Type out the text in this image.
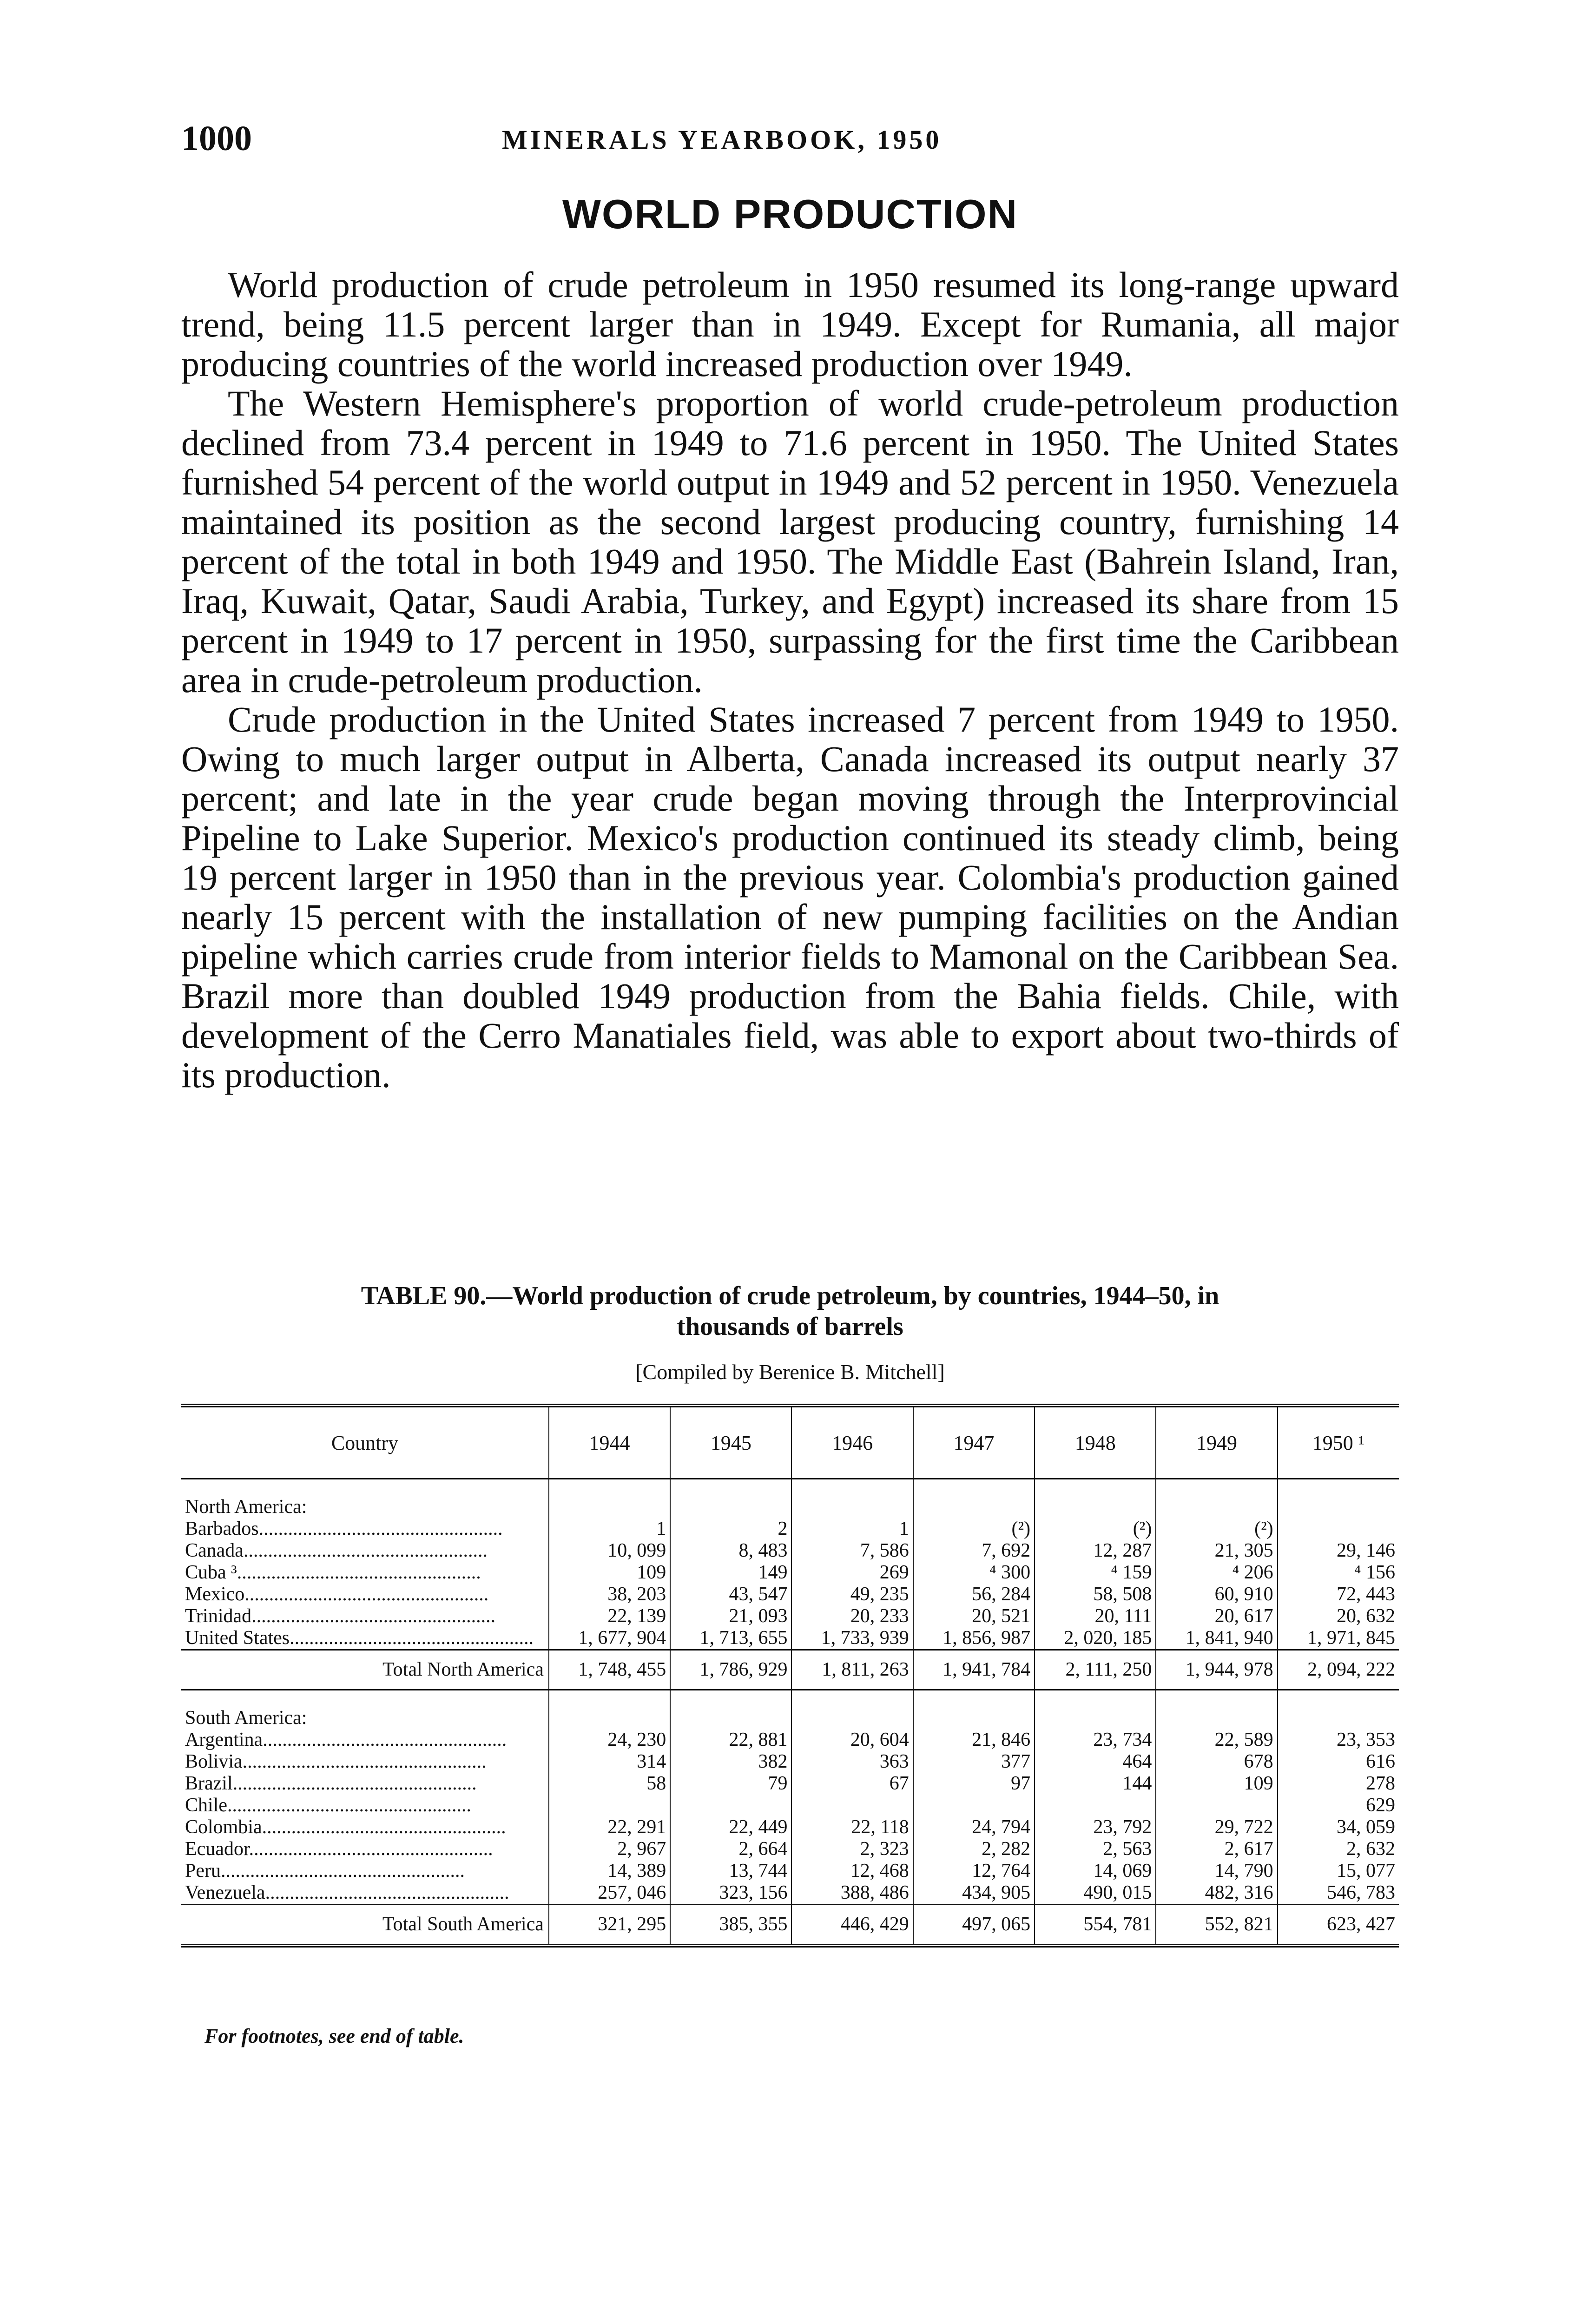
1000	MINERALS YEARBOOK, 1950
WORLD PRODUCTION

World production of crude petroleum in 1950 resumed its long-range upward trend, being 11.5 percent larger than in 1949. Except for Rumania, all major producing countries of the world increased production over 1949.

The Western Hemisphere's proportion of world crude-petroleum production declined from 73.4 percent in 1949 to 71.6 percent in 1950. The United States furnished 54 percent of the world output in 1949 and 52 percent in 1950. Venezuela maintained its position as the second largest producing country, furnishing 14 percent of the total in both 1949 and 1950. The Middle East (Bahrein Island, Iran, Iraq, Kuwait, Qatar, Saudi Arabia, Turkey, and Egypt) increased its share from 15 percent in 1949 to 17 percent in 1950, surpassing for the first time the Caribbean area in crude-petroleum production.

Crude production in the United States increased 7 percent from 1949 to 1950. Owing to much larger output in Alberta, Canada increased its output nearly 37 percent; and late in the year crude began moving through the Interprovincial Pipeline to Lake Superior. Mexico's production continued its steady climb, being 19 percent larger in 1950 than in the previous year. Colombia's production gained nearly 15 percent with the installation of new pumping facilities on the Andian pipeline which carries crude from interior fields to Mamonal on the Caribbean Sea. Brazil more than doubled 1949 production from the Bahia fields. Chile, with development of the Cerro Manatiales field, was able to export about two-thirds of its production.

TABLE 90.—World production of crude petroleum, by countries, 1944–50, in

thousands of barrels

[Compiled by Berenice B. Mitchell]
Country	1944	1945	1946	1947	1948	1949	1950 ¹
North America:							
Barbados..................................................	1	2	1	(²)	(²)	(²)	
Canada..................................................	10, 099	8, 483	7, 586	7, 692	12, 287	21, 305	29, 146
Cuba ³..................................................	109	149	269	⁴ 300	⁴ 159	⁴ 206	⁴ 156
Mexico..................................................	38, 203	43, 547	49, 235	56, 284	58, 508	60, 910	72, 443
Trinidad..................................................	22, 139	21, 093	20, 233	20, 521	20, 111	20, 617	20, 632
United States..................................................	1, 677, 904	1, 713, 655	1, 733, 939	1, 856, 987	2, 020, 185	1, 841, 940	1, 971, 845
Total North America	1, 748, 455	1, 786, 929	1, 811, 263	1, 941, 784	2, 111, 250	1, 944, 978	2, 094, 222
South America:							
Argentina..................................................	24, 230	22, 881	20, 604	21, 846	23, 734	22, 589	23, 353
Bolivia..................................................	314	382	363	377	464	678	616
Brazil..................................................	58	79	67	97	144	109	278
Chile..................................................							629
Colombia..................................................	22, 291	22, 449	22, 118	24, 794	23, 792	29, 722	34, 059
Ecuador..................................................	2, 967	2, 664	2, 323	2, 282	2, 563	2, 617	2, 632
Peru..................................................	14, 389	13, 744	12, 468	12, 764	14, 069	14, 790	15, 077
Venezuela..................................................	257, 046	323, 156	388, 486	434, 905	490, 015	482, 316	546, 783
Total South America	321, 295	385, 355	446, 429	497, 065	554, 781	552, 821	623, 427
For footnotes, see end of table.
